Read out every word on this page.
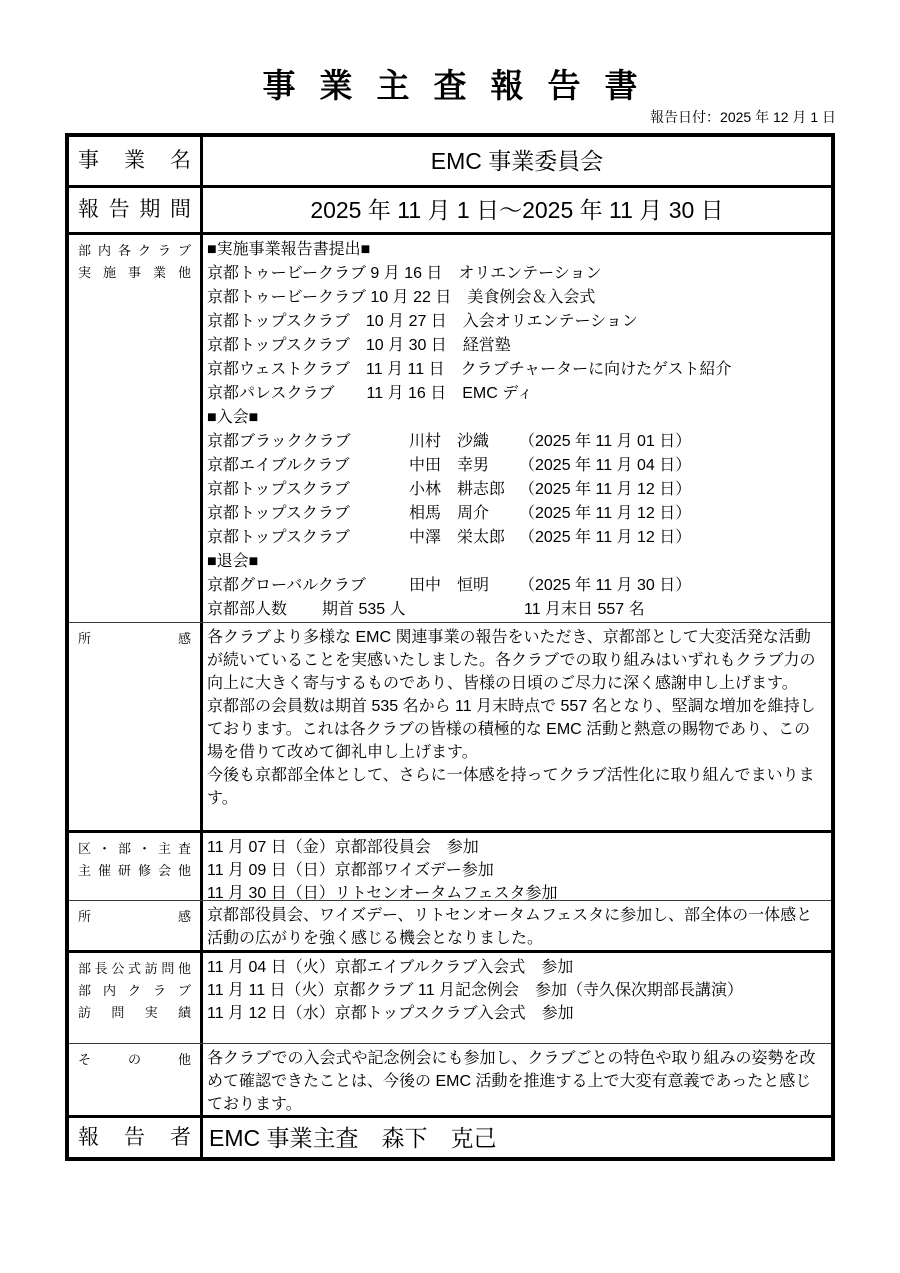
事業主査報告書
報告日付：2025 年 12 月 1 日
事業名	EMC 事業委員会
報告期間	2025 年 11 月 1 日～2025 年 11 月 30 日
部内各クラブ
実施事業他
■実施事業報告書提出■
京都トゥービークラブ 9 月 16 日　オリエンテーション
京都トゥービークラブ 10 月 22 日　美食例会＆入会式
京都トップスクラブ　10 月 27 日　入会オリエンテーション
京都トップスクラブ　10 月 30 日　経営塾
京都ウェストクラブ　11 月 11 日　クラブチャーターに向けたゲスト紹介
京都パレスクラブ　　11 月 16 日　EMC ディ
■入会■
京都ブラッククラブ	川村　沙織	（2025 年 11 月 01 日）
京都エイブルクラブ	中田　幸男	（2025 年 11 月 04 日）
京都トップスクラブ	小林　耕志郎 （2025 年 11 月 12 日）
京都トップスクラブ	相馬　周介	（2025 年 11 月 12 日）
京都トップスクラブ	中澤　栄太郎 （2025 年 11 月 12 日）
■退会■
京都グローバルクラブ	田中　恒明	（2025 年 11 月 30 日）
京都部人数	期首 535 人	11 月末日 557 名
所感 各クラブより多様な EMC 関連事業の報告をいただき、京都部として大変活発な活動が続いていることを実感いたしました。各クラブでの取り組みはいずれもクラブ力の向上に大きく寄与するものであり、皆様の日頃のご尽力に深く感謝申し上げます。
京都部の会員数は期首 535 名から 11 月末時点で 557 名となり、堅調な増加を維持しております。これは各クラブの皆様の積極的な EMC 活動と熱意の賜物であり、この場を借りて改めて御礼申し上げます。
今後も京都部全体として、さらに一体感を持ってクラブ活性化に取り組んでまいります。
区・部・主査
主催研修会他
11 月 07 日（金）京都部役員会　参加
11 月 09 日（日）京都部ワイズデー参加
11 月 30 日（日）リトセンオータムフェスタ参加
所感 京都部役員会、ワイズデー、リトセンオータムフェスタに参加し、部全体の一体感と活動の広がりを強く感じる機会となりました。
部長公式訪問他
部内クラブ
訪問実績
11 月 04 日（火）京都エイブルクラブ入会式　参加
11 月 11 日（火）京都クラブ 11 月記念例会　参加（寺久保次期部長講演）
11 月 12 日（水）京都トップスクラブ入会式　参加
その他 各クラブでの入会式や記念例会にも参加し、クラブごとの特色や取り組みの姿勢を改めて確認できたことは、今後の EMC 活動を推進する上で大変有意義であったと感じております。
報告者 EMC 事業主査　森下　克己
